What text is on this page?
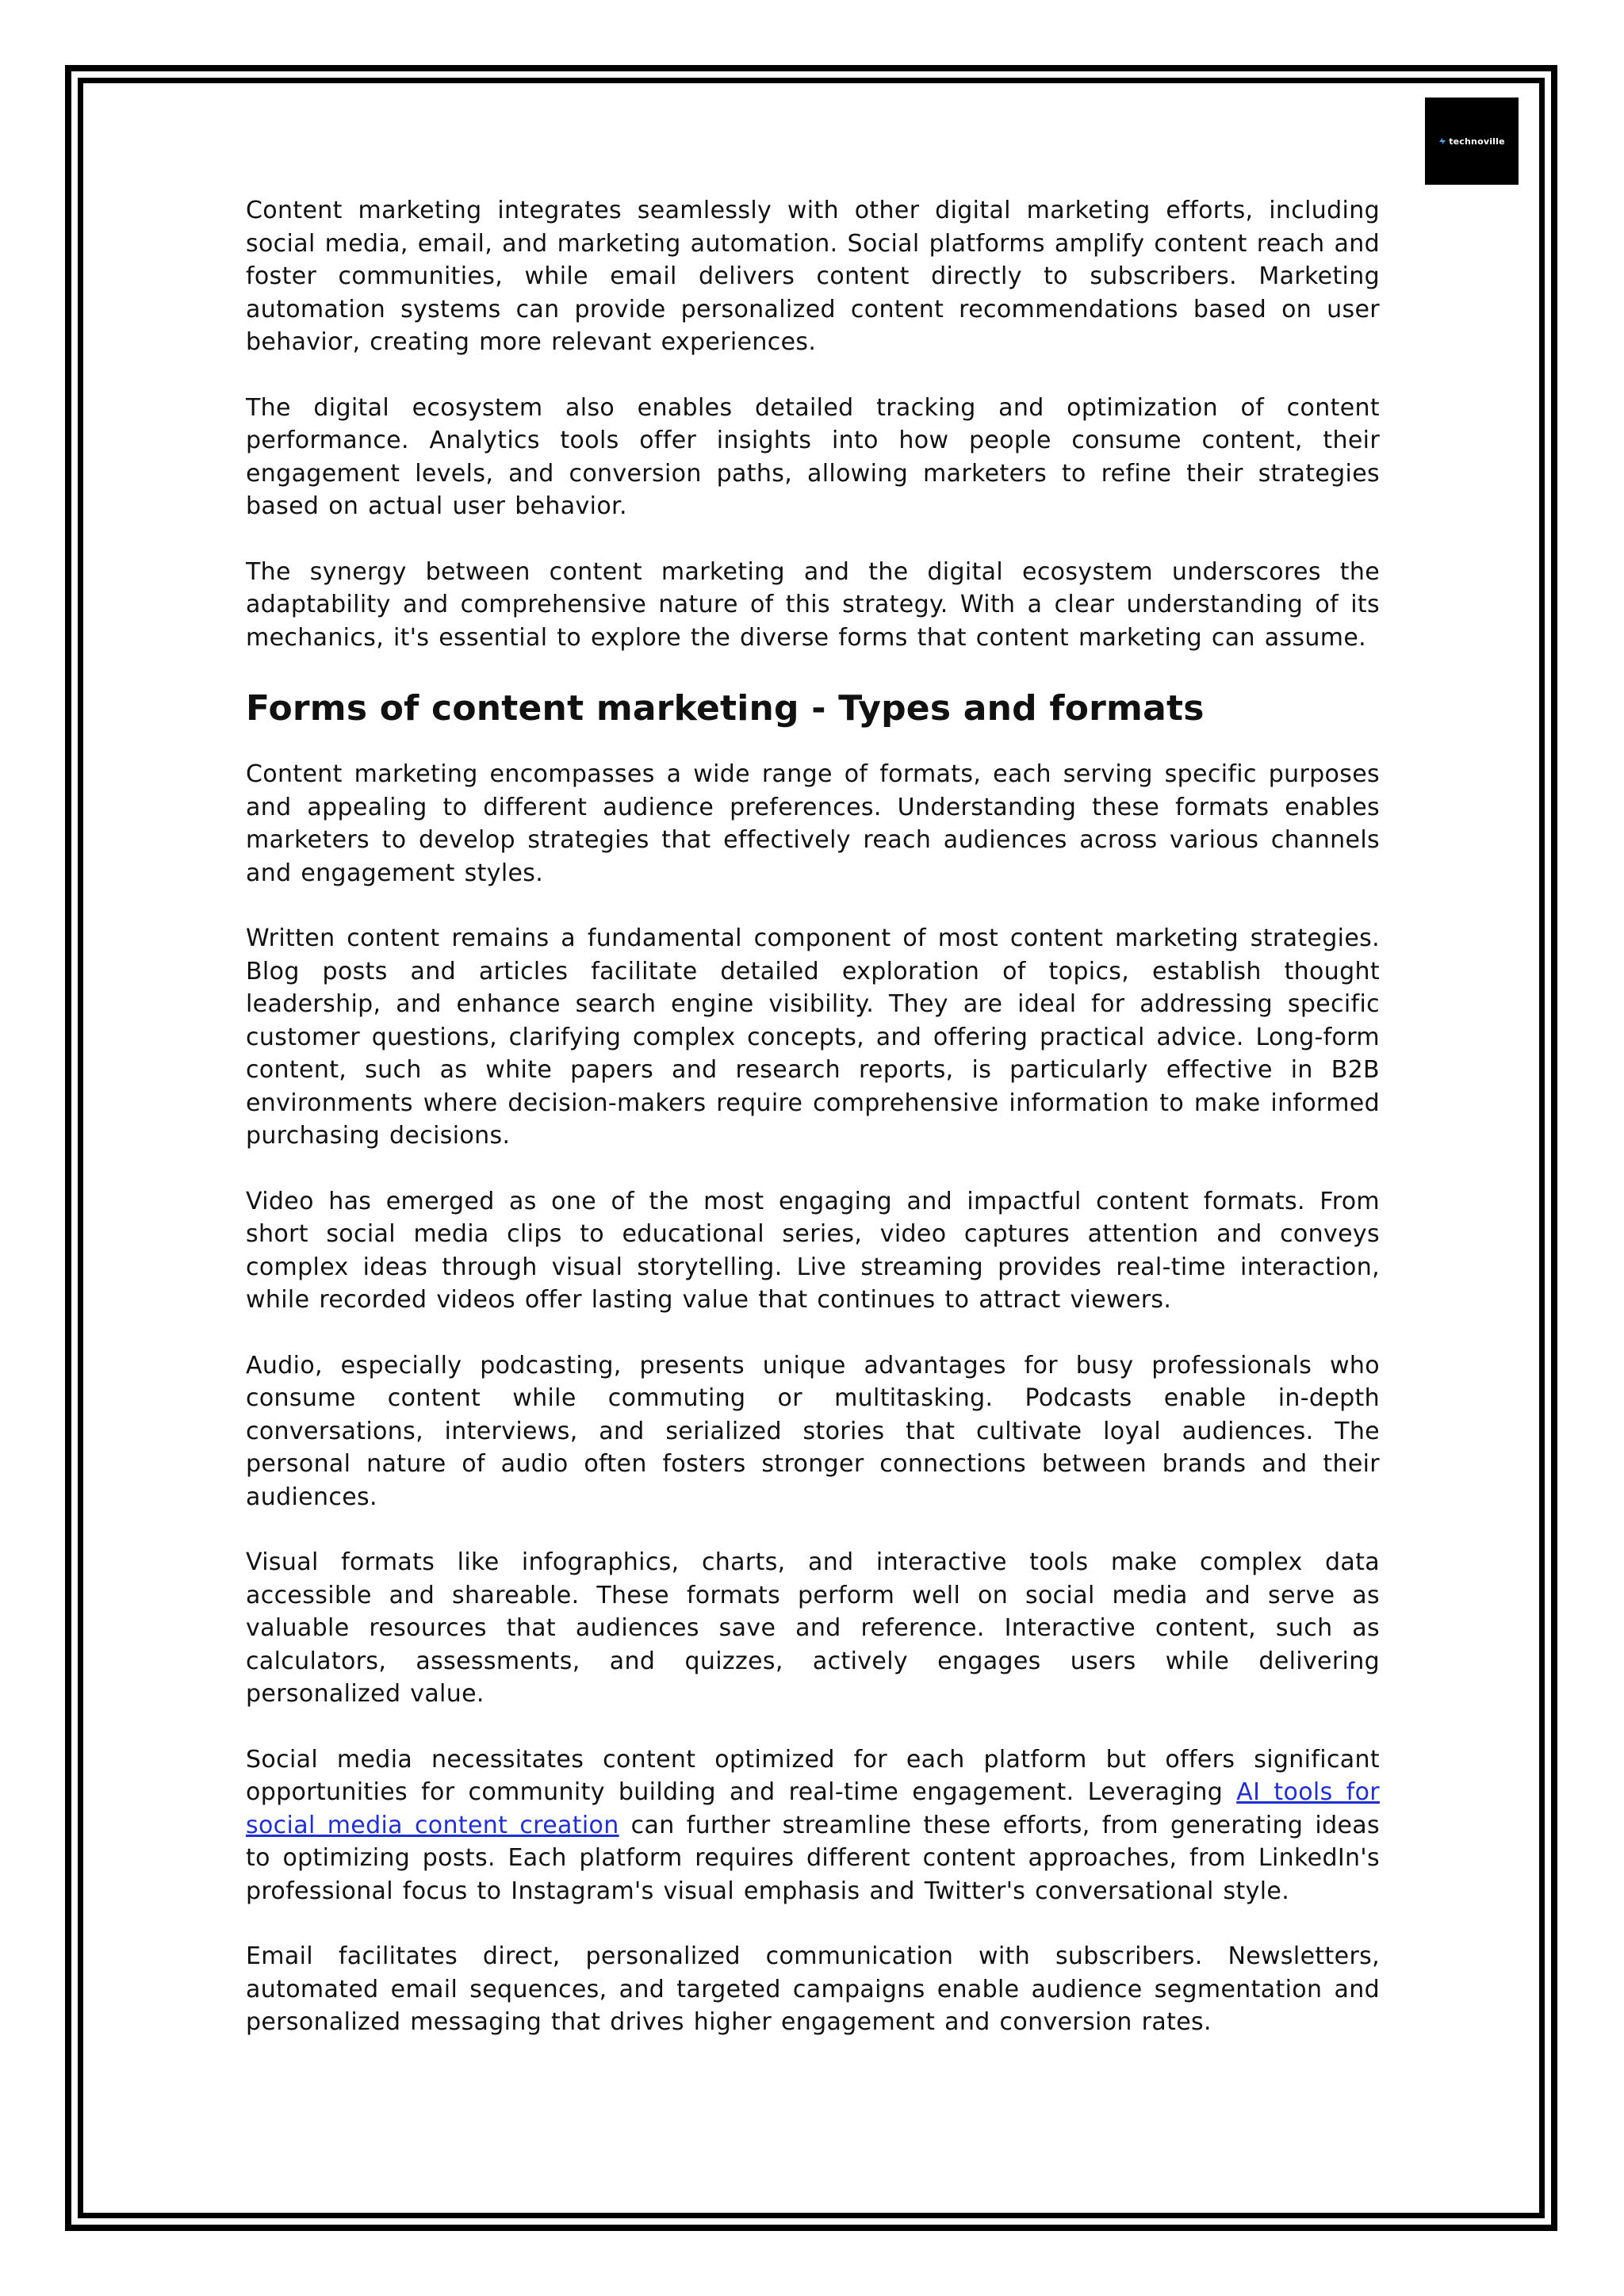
technoville

Content marketing integrates seamlessly with other digital marketing efforts, including social media, email, and marketing automation. Social platforms amplify content reach and foster communities, while email delivers content directly to subscribers. Marketing automation systems can provide personalized content recommendations based on user behavior, creating more relevant experiences.

The digital ecosystem also enables detailed tracking and optimization of content performance. Analytics tools offer insights into how people consume content, their engagement levels, and conversion paths, allowing marketers to refine their strategies based on actual user behavior.

The synergy between content marketing and the digital ecosystem underscores the adaptability and comprehensive nature of this strategy. With a clear understanding of its mechanics, it's essential to explore the diverse forms that content marketing can assume.

Forms of content marketing - Types and formats

Content marketing encompasses a wide range of formats, each serving specific purposes and appealing to different audience preferences. Understanding these formats enables marketers to develop strategies that effectively reach audiences across various channels and engagement styles.

Written content remains a fundamental component of most content marketing strategies. Blog posts and articles facilitate detailed exploration of topics, establish thought leadership, and enhance search engine visibility. They are ideal for addressing specific customer questions, clarifying complex concepts, and offering practical advice. Long-form content, such as white papers and research reports, is particularly effective in B2B environments where decision-makers require comprehensive information to make informed purchasing decisions.

Video has emerged as one of the most engaging and impactful content formats. From short social media clips to educational series, video captures attention and conveys complex ideas through visual storytelling. Live streaming provides real-time interaction, while recorded videos offer lasting value that continues to attract viewers.

Audio, especially podcasting, presents unique advantages for busy professionals who consume content while commuting or multitasking. Podcasts enable in-depth conversations, interviews, and serialized stories that cultivate loyal audiences. The personal nature of audio often fosters stronger connections between brands and their audiences.

Visual formats like infographics, charts, and interactive tools make complex data accessible and shareable. These formats perform well on social media and serve as valuable resources that audiences save and reference. Interactive content, such as calculators, assessments, and quizzes, actively engages users while delivering personalized value.

Social media necessitates content optimized for each platform but offers significant opportunities for community building and real-time engagement. Leveraging AI tools for social media content creation can further streamline these efforts, from generating ideas to optimizing posts. Each platform requires different content approaches, from LinkedIn's professional focus to Instagram's visual emphasis and Twitter's conversational style.

Email facilitates direct, personalized communication with subscribers. Newsletters, automated email sequences, and targeted campaigns enable audience segmentation and personalized messaging that drives higher engagement and conversion rates.
